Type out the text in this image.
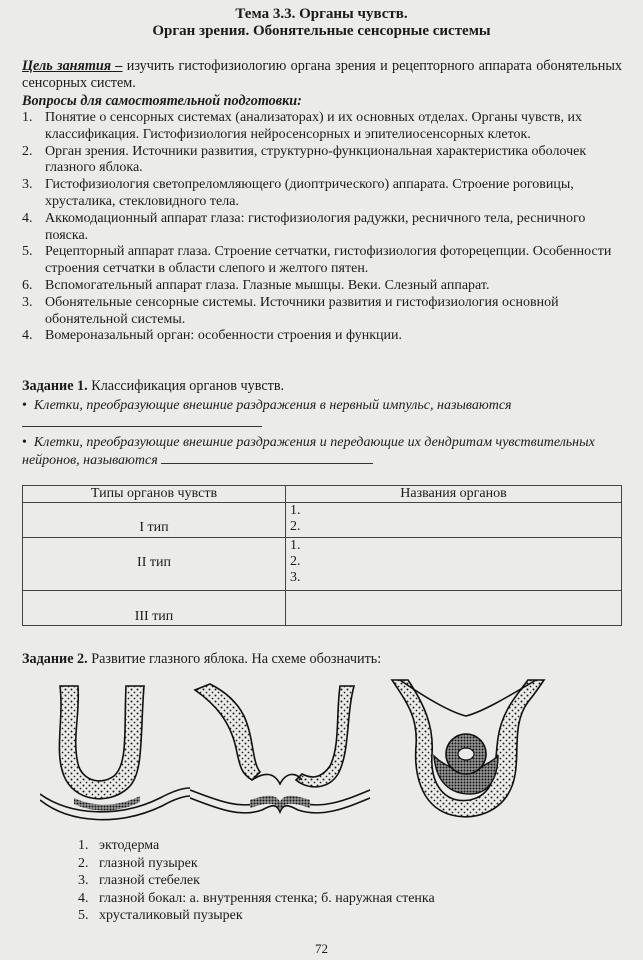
Тема 3.3. Органы чувств.
Орган зрения. Обонятельные сенсорные системы
Цель занятия – изучить гистофизиологию органа зрения и рецепторного аппарата обонятельных сенсорных систем.
Вопросы для самостоятельной подготовки:
1. Понятие о сенсорных системах (анализаторах) и их основных отделах. Органы чувств, их классификация. Гистофизиология нейросенсорных и эпителиосенсорных клеток.
2. Орган зрения. Источники развития, структурно-функциональная характеристика оболочек глазного яблока.
3. Гистофизиология светопреломляющего (диоптрического) аппарата. Строение роговицы, хрусталика, стекловидного тела.
4. Аккомодационный аппарат глаза: гистофизиология радужки, ресничного тела, ресничного пояска.
5. Рецепторный аппарат глаза. Строение сетчатки, гистофизиология фоторецепции. Особенности строения сетчатки в области слепого и желтого пятен.
6. Вспомогательный аппарат глаза. Глазные мышцы. Веки. Слезный аппарат.
3. Обонятельные сенсорные системы. Источники развития и гистофизиология основной обонятельной системы.
4. Вомероназальный орган: особенности строения и функции.
Задание 1. Классификация органов чувств.
• Клетки, преобразующие внешние раздражения в нервный импульс, называются

• Клетки, преобразующие внешние раздражения и передающие их дендритам чувствительных нейронов, называются
Типы органов чувств	Названия органов

I тип	1.
2.

II тип	1.
2.
3.

III тип	

Задание 2. Развитие глазного яблока. На схеме обозначить:
1. эктодерма
2. глазной пузырек
3. глазной стебелек
4. глазной бокал: а. внутренняя стенка; б. наружная стенка
5. хрусталиковый пузырек
72
